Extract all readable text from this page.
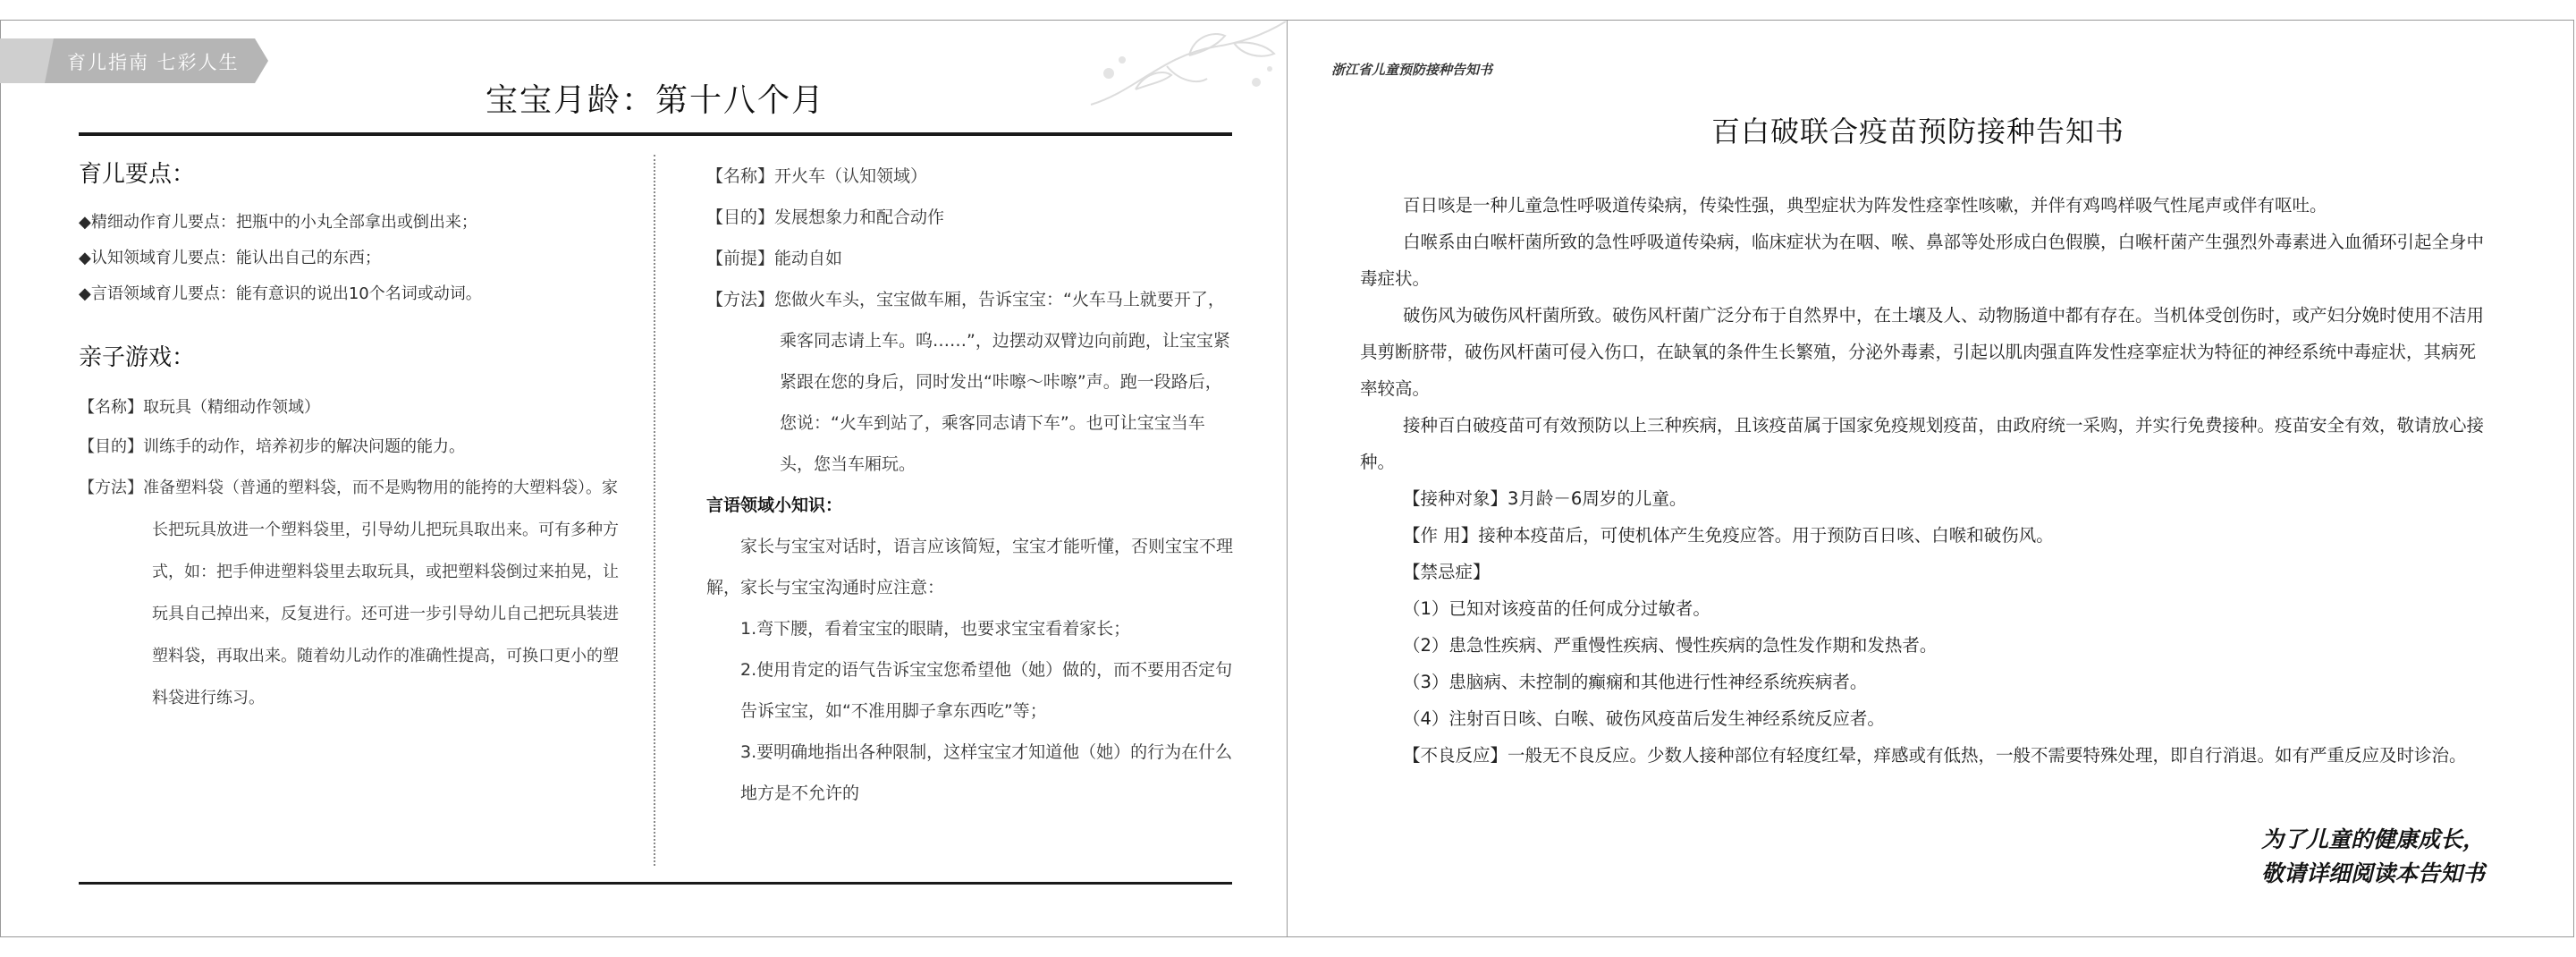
育儿指南 七彩人生
宝宝月龄：第十八个月

育儿要点：

◆精细动作育儿要点：把瓶中的小丸全部拿出或倒出来；

◆认知领域育儿要点：能认出自己的东西；

◆言语领域育儿要点：能有意识的说出10个名词或动词。

亲子游戏：

【名称】取玩具（精细动作领域）

【目的】训练手的动作，培养初步的解决问题的能力。

【方法】准备塑料袋（普通的塑料袋，而不是购物用的能挎的大塑料袋）。家长把玩具放进一个塑料袋里，引导幼儿把玩具取出来。可有多种方式，如：把手伸进塑料袋里去取玩具，或把塑料袋倒过来拍晃，让玩具自己掉出来，反复进行。还可进一步引导幼儿自己把玩具装进塑料袋，再取出来。随着幼儿动作的准确性提高，可换口更小的塑料袋进行练习。

【名称】开火车（认知领域）

【目的】发展想象力和配合动作

【前提】能动自如

【方法】您做火车头，宝宝做车厢，告诉宝宝：“火车马上就要开了，乘客同志请上车。呜……”，边摆动双臂边向前跑，让宝宝紧紧跟在您的身后，同时发出“咔嚓～咔嚓”声。跑一段路后，您说：“火车到站了，乘客同志请下车”。也可让宝宝当车头，您当车厢玩。

言语领域小知识：

家长与宝宝对话时，语言应该简短，宝宝才能听懂，否则宝宝不理解，家长与宝宝沟通时应注意：

1.弯下腰，看着宝宝的眼睛，也要求宝宝看着家长；

2.使用肯定的语气告诉宝宝您希望他（她）做的，而不要用否定句告诉宝宝，如“不准用脚子拿东西吃”等；

3.要明确地指出各种限制，这样宝宝才知道他（她）的行为在什么地方是不允许的

浙江省儿童预防接种告知书
百白破联合疫苗预防接种告知书

百日咳是一种儿童急性呼吸道传染病，传染性强，典型症状为阵发性痉挛性咳嗽，并伴有鸡鸣样吸气性尾声或伴有呕吐。

白喉系由白喉杆菌所致的急性呼吸道传染病，临床症状为在咽、喉、鼻部等处形成白色假膜，白喉杆菌产生强烈外毒素进入血循环引起全身中毒症状。

破伤风为破伤风杆菌所致。破伤风杆菌广泛分布于自然界中，在土壤及人、动物肠道中都有存在。当机体受创伤时，或产妇分娩时使用不洁用具剪断脐带，破伤风杆菌可侵入伤口，在缺氧的条件生长繁殖，分泌外毒素，引起以肌肉强直阵发性痉挛症状为特征的神经系统中毒症状，其病死率较高。

接种百白破疫苗可有效预防以上三种疾病，且该疫苗属于国家免疫规划疫苗，由政府统一采购，并实行免费接种。疫苗安全有效，敬请放心接种。

【接种对象】3月龄－6周岁的儿童。

【作 用】接种本疫苗后，可使机体产生免疫应答。用于预防百日咳、白喉和破伤风。

【禁忌症】

（1）已知对该疫苗的任何成分过敏者。

（2）患急性疾病、严重慢性疾病、慢性疾病的急性发作期和发热者。

（3）患脑病、未控制的癫痫和其他进行性神经系统疾病者。

（4）注射百日咳、白喉、破伤风疫苗后发生神经系统反应者。

【不良反应】一般无不良反应。少数人接种部位有轻度红晕，痒感或有低热，一般不需要特殊处理，即自行消退。如有严重反应及时诊治。

为了儿童的健康成长，
敬请详细阅读本告知书
